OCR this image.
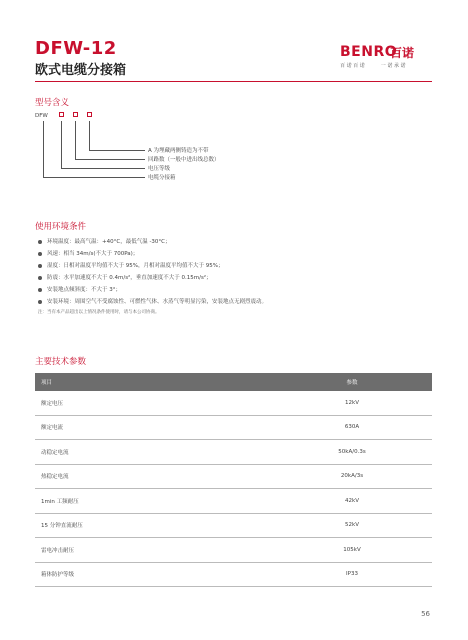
DFW-12
欧式电缆分接箱
BENRO
百诺
百 诺 百 诺	一 诺 承 诺
型号含义
DFW
A 为埋藏两侧铸造为不带
回路数（一般中进出线总数）
电压等级
电缆分接箱
使用环境条件
环境温度：最高气温：+40°C，最低气温 -30°C；
风速：相当 34m/s(不大于 700Pa)；
湿度：日相对温度平均值不大于 95%，月相对温度平均值不大于 95%；
防震：水平加速度不大于 0.4m/s²，垂直加速度不大于 0.15m/s²；
安装地点倾斜度：不大于 3°；
安装环境：周围空气不受腐蚀性、可燃性气体、水蒸气等明显污染，安装地点无剧烈震动。
注：当有本产品超出以上情况条件使用时，请与本公司协商。
主要技术参数
项目	参数
额定电压	12kV
额定电流	630A
动稳定电流	50kA/0.3s
热稳定电流	20kA/3s
1min 工频耐压	42kV
15 分钟直流耐压	52kV
雷电冲击耐压	105kV
箱体防护等级	IP33
56
